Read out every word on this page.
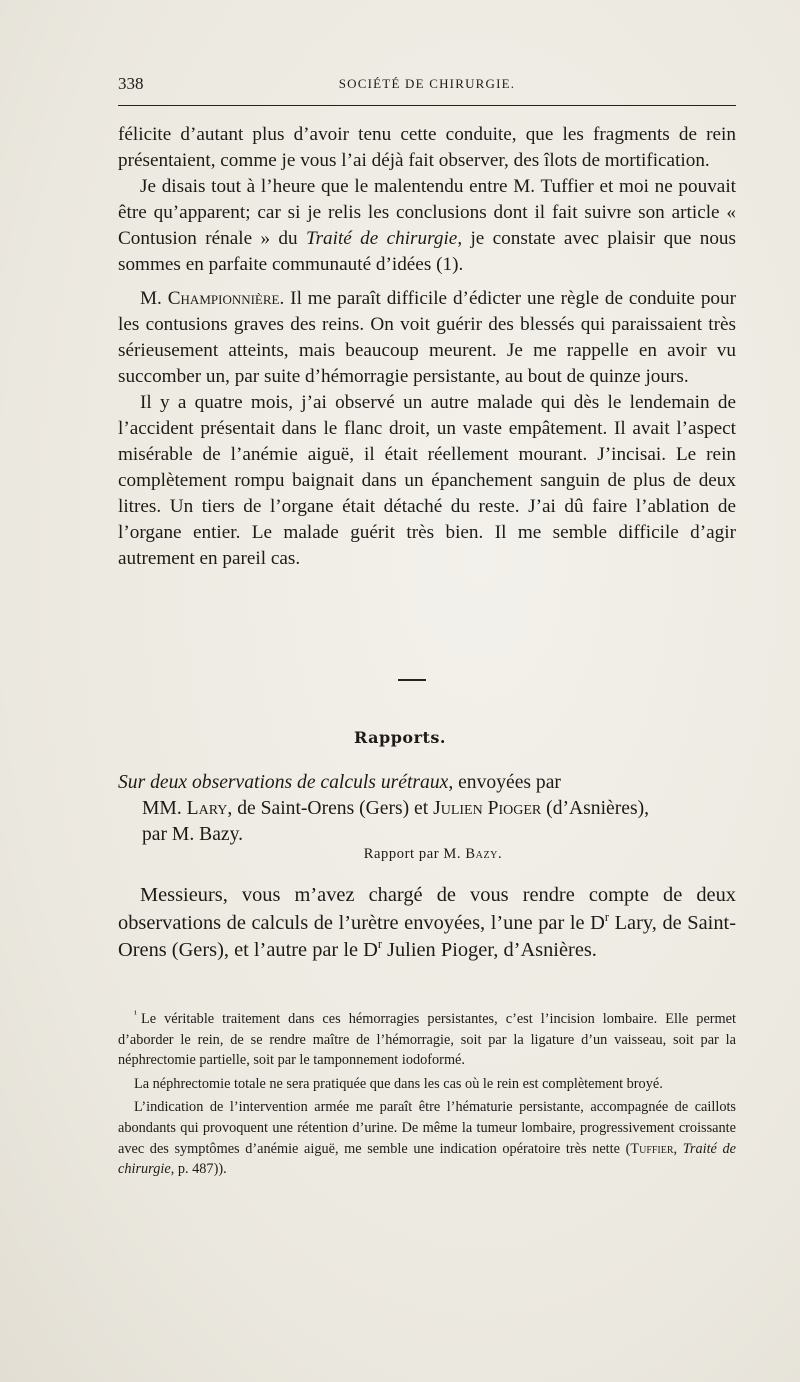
338	SOCIÉTÉ DE CHIRURGIE.

félicite d’autant plus d’avoir tenu cette conduite, que les fragments de rein présentaient, comme je vous l’ai déjà fait observer, des îlots de mortification.

Je disais tout à l’heure que le malentendu entre M. Tuffier et moi ne pouvait être qu’apparent; car si je relis les conclusions dont il fait suivre son article « Contusion rénale » du Traité de chirurgie, je constate avec plaisir que nous sommes en parfaite communauté d’idées (1).

M. Championnière. Il me paraît difficile d’édicter une règle de conduite pour les contusions graves des reins. On voit guérir des blessés qui paraissaient très sérieusement atteints, mais beaucoup meurent. Je me rappelle en avoir vu succomber un, par suite d’hémorragie persistante, au bout de quinze jours.

Il y a quatre mois, j’ai observé un autre malade qui dès le lendemain de l’accident présentait dans le flanc droit, un vaste empâtement. Il avait l’aspect misérable de l’anémie aiguë, il était réellement mourant. J’incisai. Le rein complètement rompu baignait dans un épanchement sanguin de plus de deux litres. Un tiers de l’organe était détaché du reste. J’ai dû faire l’ablation de l’organe entier. Le malade guérit très bien. Il me semble difficile d’agir autrement en pareil cas.

Rapports.

Sur deux observations de calculs urétraux, envoyées par

MM. Lary, de Saint-Orens (Gers) et Julien Pioger (d’Asnières),

par M. Bazy.

Rapport par M. Bazy.

Messieurs, vous m’avez chargé de vous rendre compte de deux observations de calculs de l’urètre envoyées, l’une par le $D^r$ Lary, de Saint-Orens (Gers), et l’autre par le $D^r$ Julien Pioger, d’Asnières.

$^{^1}$ Le véritable traitement dans ces hémorragies persistantes, c’est l’incision lombaire. Elle permet d’aborder le rein, de se rendre maître de l’hémorragie, soit par la ligature d’un vaisseau, soit par la néphrectomie partielle, soit par le tamponnement iodoformé.

La néphrectomie totale ne sera pratiquée que dans les cas où le rein est complètement broyé.

L’indication de l’intervention armée me paraît être l’hématurie persistante, accompagnée de caillots abondants qui provoquent une rétention d’urine. De même la tumeur lombaire, progressivement croissante avec des symptômes d’anémie aiguë, me semble une indication opératoire très nette (Tuffier, Traité de chirurgie, p. 487)).
